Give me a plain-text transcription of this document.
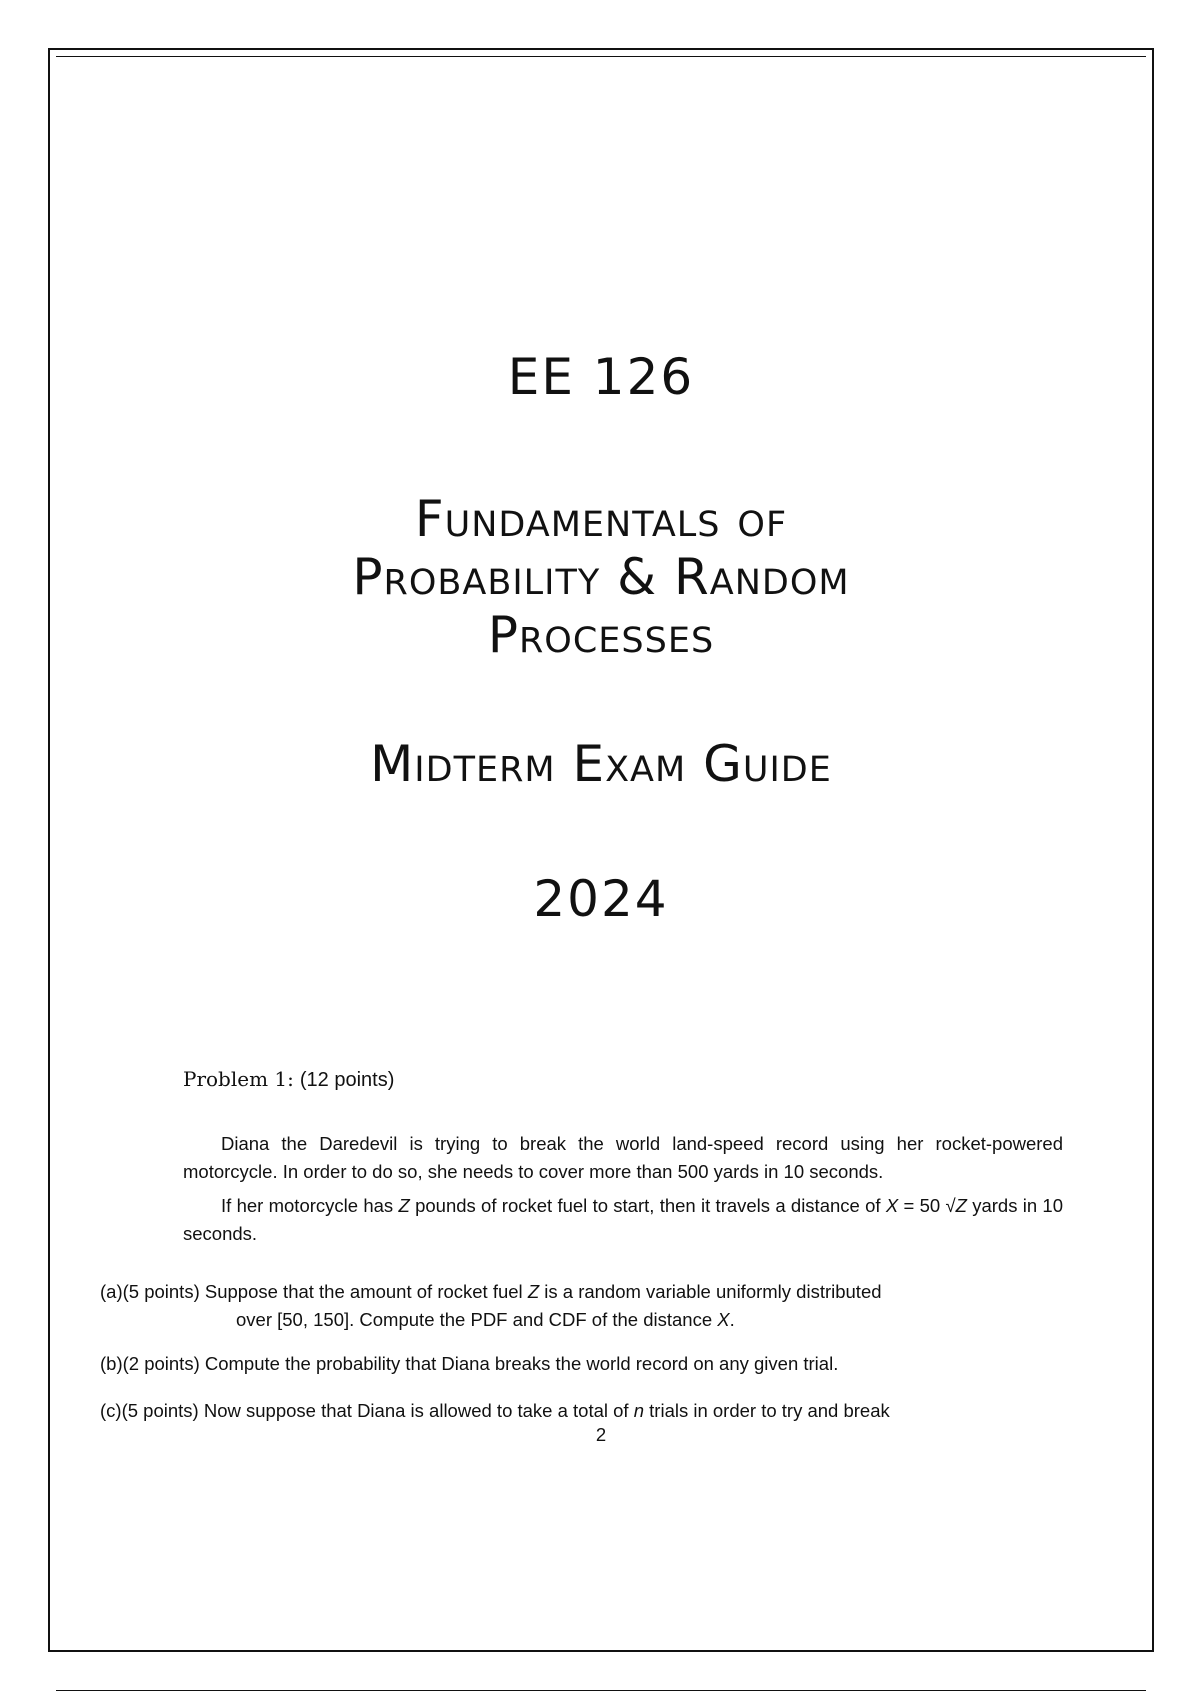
EE 126
Fundamentals of
Probability & Random
Processes
Midterm Exam Guide
2024
Problem 1: (12 points)
Diana the Daredevil is trying to break the world land-speed record using her rocket-powered motorcycle. In order to do so, she needs to cover more than 500 yards in 10 seconds.
If her motorcycle has Z pounds of rocket fuel to start, then it travels a distance of X = 50 √Z yards in 10 seconds.
(a)(5 points) Suppose that the amount of rocket fuel Z is a random variable uniformly distributed
over [50, 150]. Compute the PDF and CDF of the distance X.
(b)(2 points) Compute the probability that Diana breaks the world record on any given trial.
(c)(5 points) Now suppose that Diana is allowed to take a total of n trials in order to try and break
2
